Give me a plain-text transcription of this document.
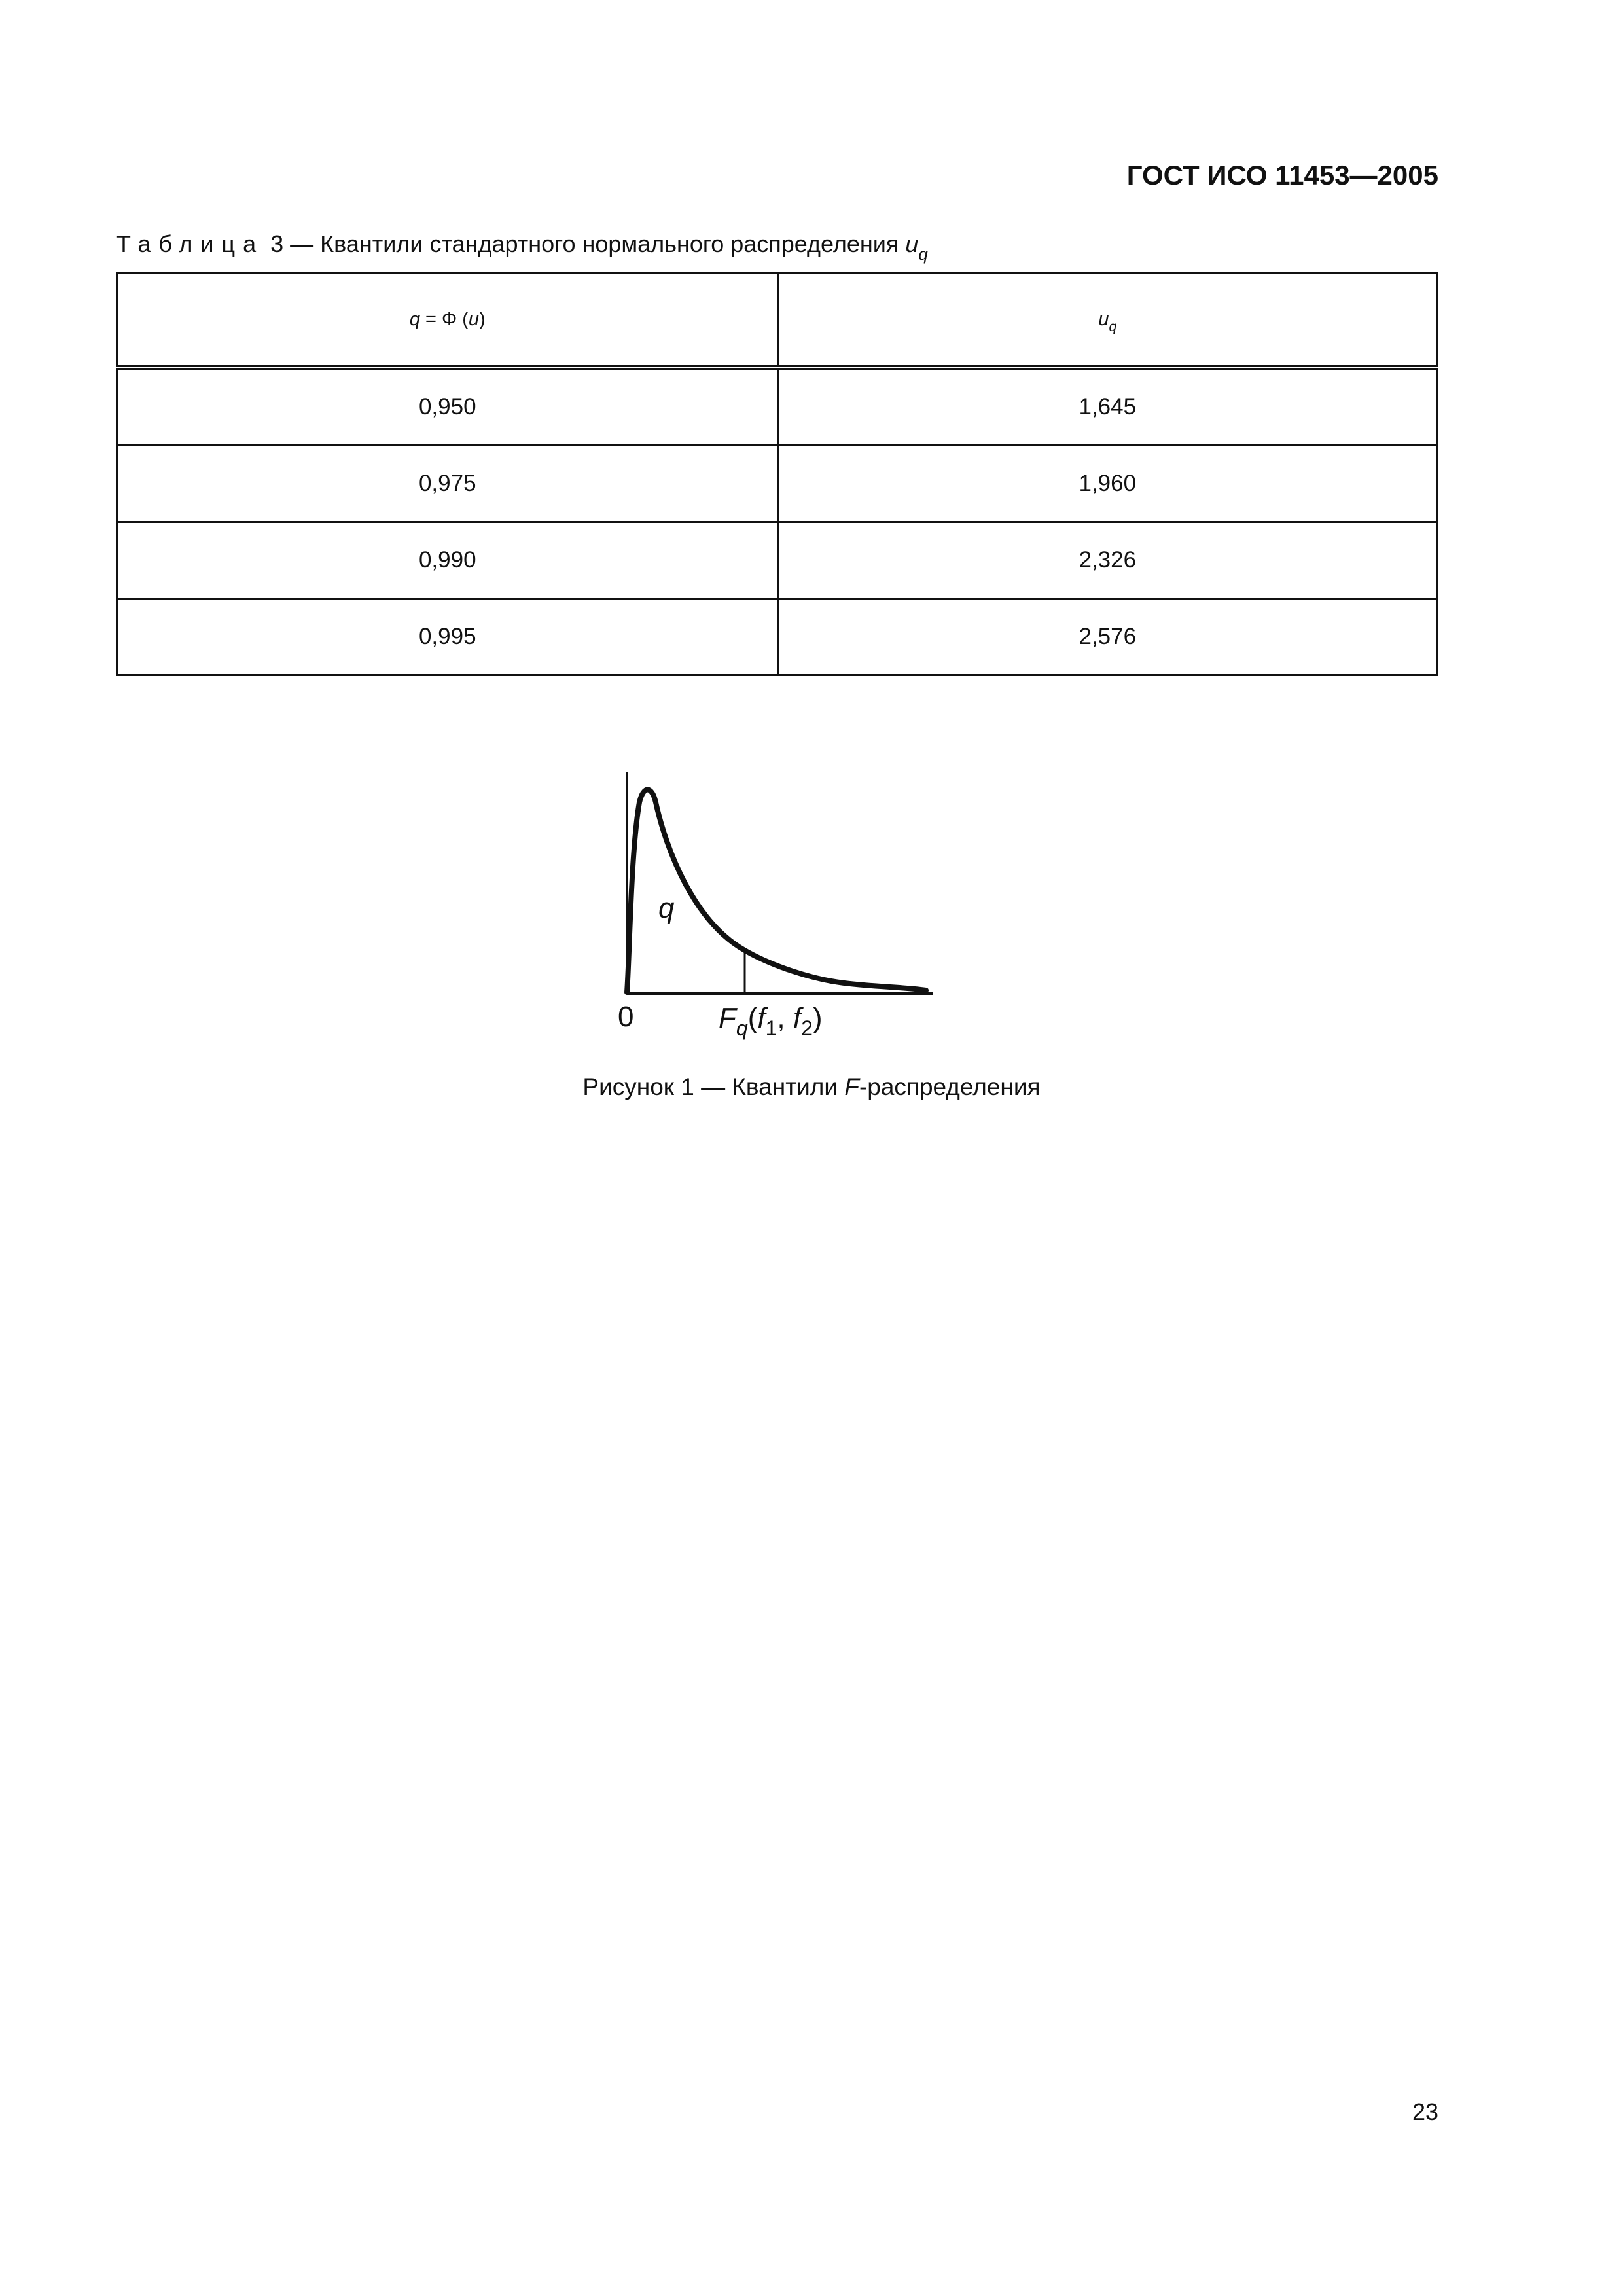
ГОСТ ИСО 11453—2005
Таблица 3 — Квантили стандартного нормального распределения $u_q$
q = Φ (u)	$u_q$
0,950	1,645
0,975	1,960
0,990	2,326
0,995	2,576
q
0	$F_q(f_1$, $f_2$)
Рисунок 1 — Квантили F-распределения
23
